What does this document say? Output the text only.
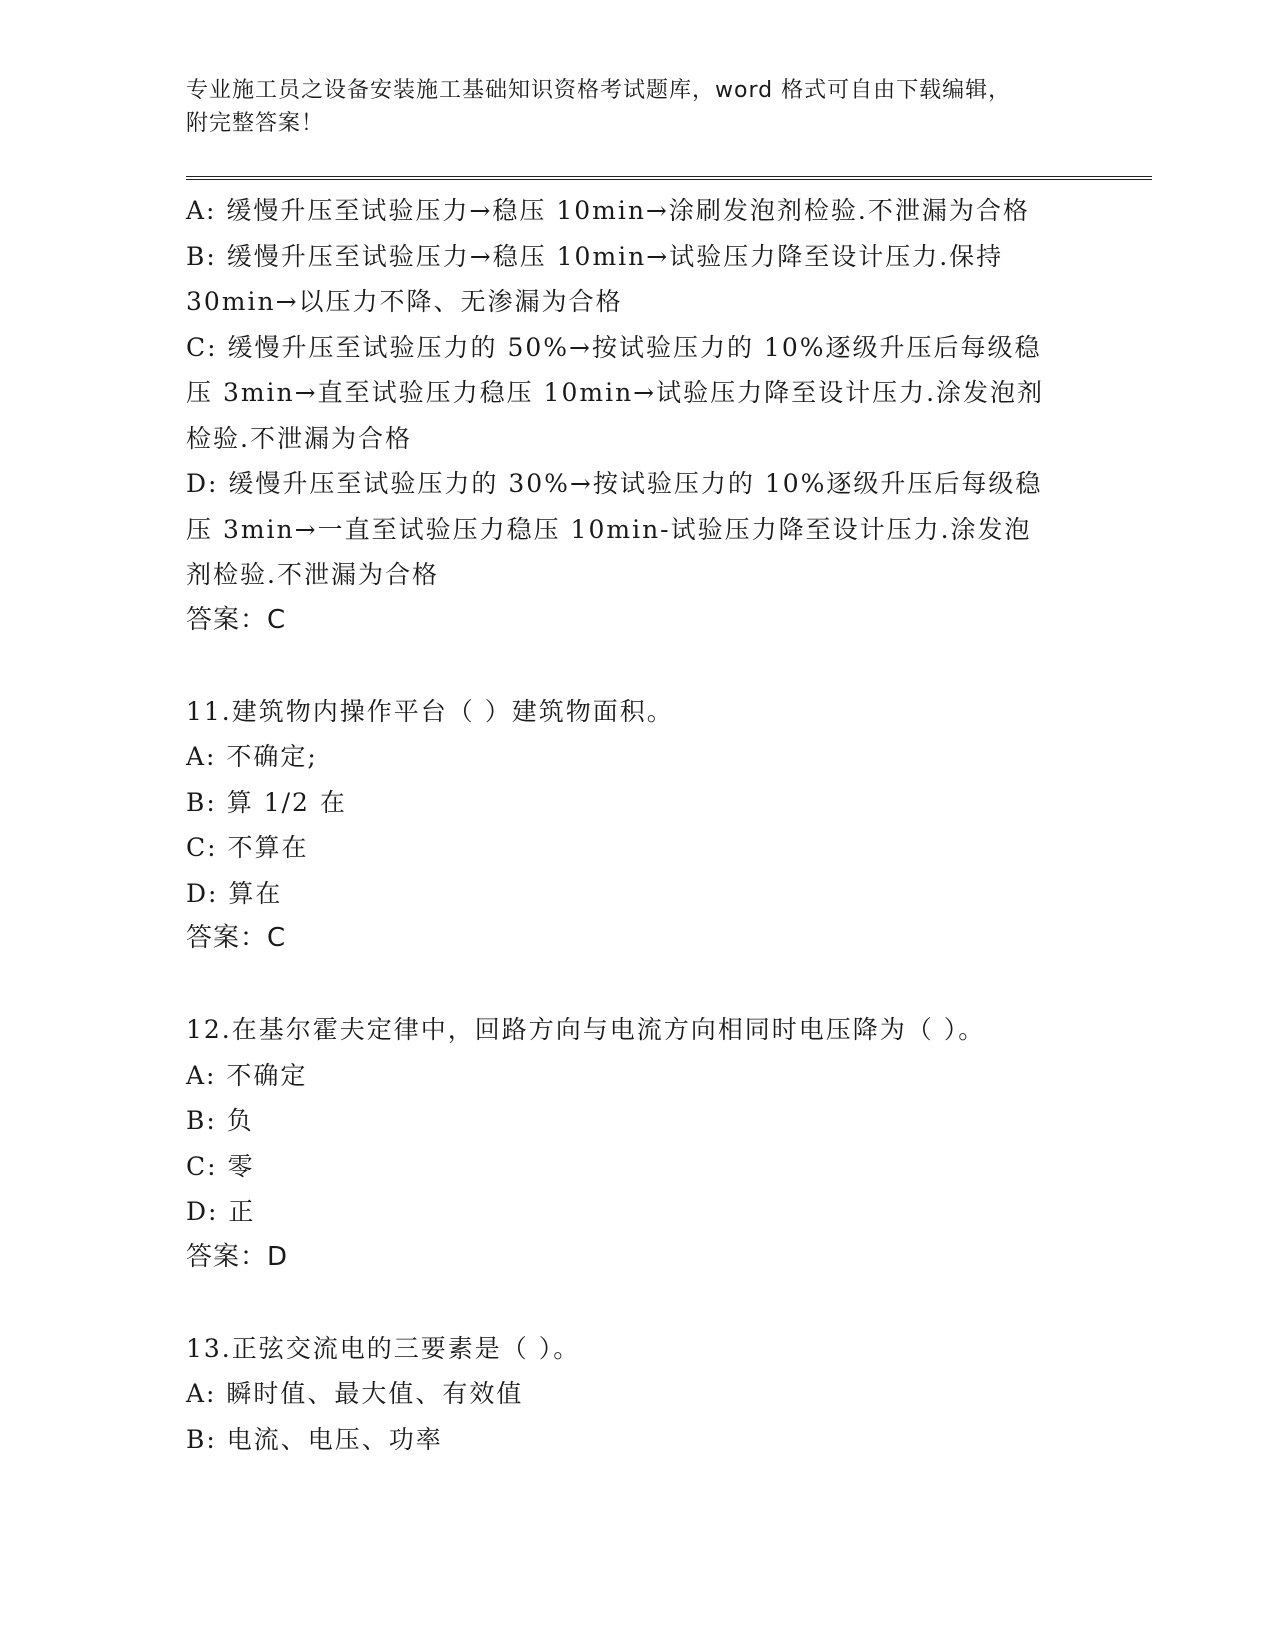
专业施工员之设备安装施工基础知识资格考试题库，word 格式可自由下载编辑，
附完整答案！

A: 缓慢升压至试验压力→稳压 10min→涂刷发泡剂检验.不泄漏为合格

B: 缓慢升压至试验压力→稳压 10min→试验压力降至设计压力.保持

30min→以压力不降、无渗漏为合格

C: 缓慢升压至试验压力的 50%→按试验压力的 10%逐级升压后每级稳

压 3min→直至试验压力稳压 10min→试验压力降至设计压力.涂发泡剂

检验.不泄漏为合格

D: 缓慢升压至试验压力的 30%→按试验压力的 10%逐级升压后每级稳

压 3min→一直至试验压力稳压 10min-试验压力降至设计压力.涂发泡

剂检验.不泄漏为合格

答案：C

11.建筑物内操作平台（ ）建筑物面积。

A: 不确定;

B: 算 1/2 在

C: 不算在

D: 算在

答案：C

12.在基尔霍夫定律中，回路方向与电流方向相同时电压降为（ ）。

A: 不确定

B: 负

C: 零

D: 正

答案：D

13.正弦交流电的三要素是（ ）。

A: 瞬时值、最大值、有效值

B: 电流、电压、功率
